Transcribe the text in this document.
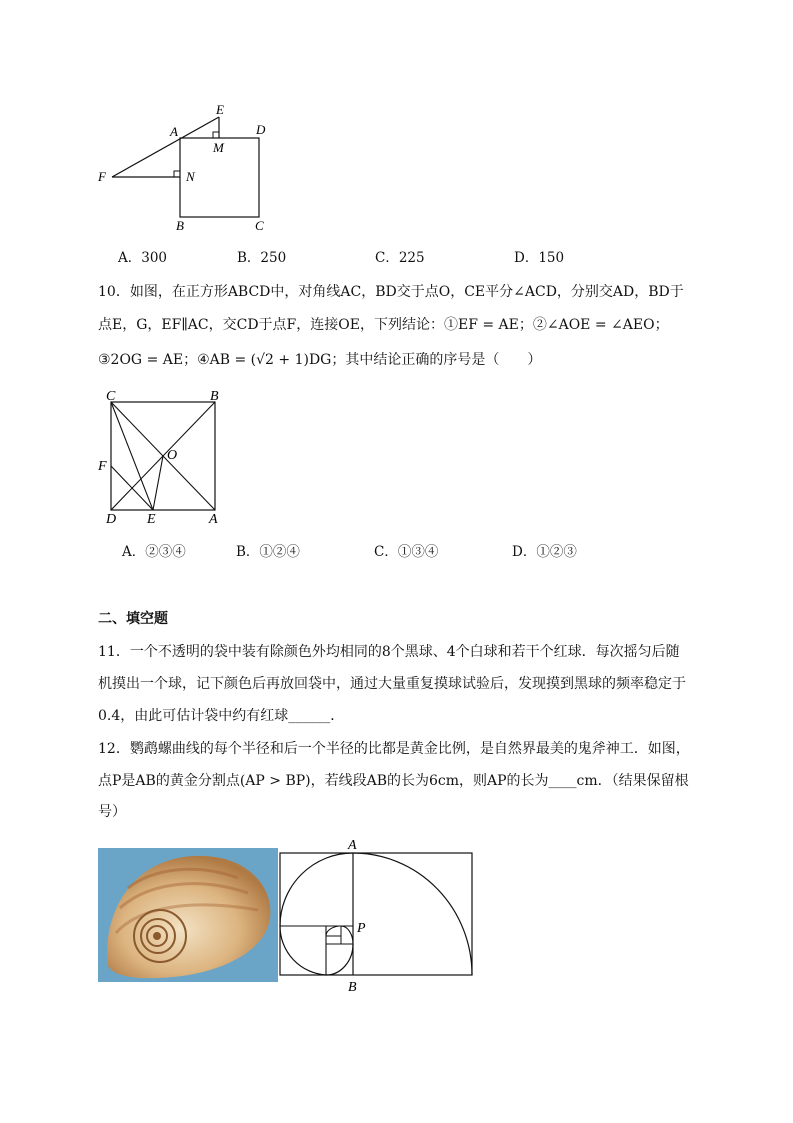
E
A	D
M
F	N
B	C
A．300	B．250	C．225	D．150
10．如图，在正方形ABCD中，对角线AC，BD交于点O，CE平分∠ACD，分别交AD，BD于
点E，G，EF∥AC，交CD于点F，连接OE，下列结论：①EF = AE；②∠AOE = ∠AEO；
③2OG = AE；④AB = (√2 + 1)DG；其中结论正确的序号是（　　）
C	B
O
F
D E	A
A．②③④	B．①②④	C．①③④	D．①②③
二、填空题
11．一个不透明的袋中装有除颜色外均相同的8个黑球、4个白球和若干个红球．每次摇匀后随
机摸出一个球，记下颜色后再放回袋中，通过大量重复摸球试验后，发现摸到黑球的频率稳定于
0.4，由此可估计袋中约有红球______．
12．鹦鹉螺曲线的每个半径和后一个半径的比都是黄金比例，是自然界最美的鬼斧神工．如图，
点P是AB的黄金分割点(AP > BP)，若线段AB的长为6cm，则AP的长为____cm．（结果保留根
号）
A
P
B
